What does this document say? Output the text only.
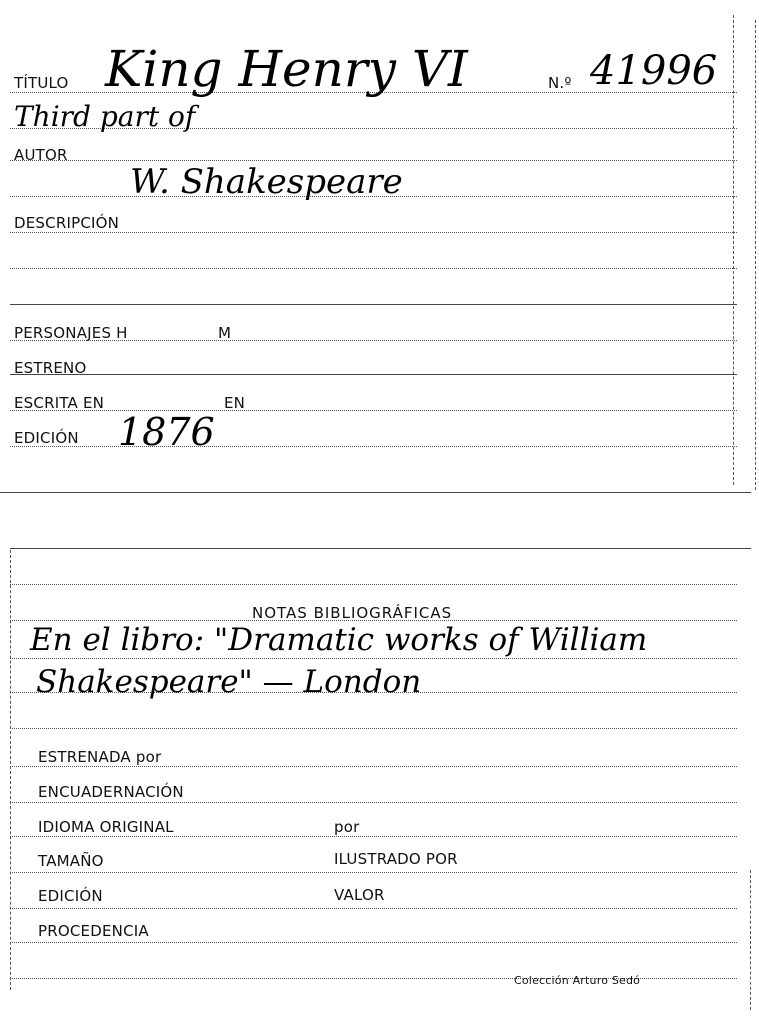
TÍTULO King Henry VI	N.º 41996
Third part of
AUTOR
W. Shakespeare
DESCRIPCIÓN
PERSONAJES H	M
ESTRENO
ESCRITA EN	EN
EDICIÓN 1876
NOTAS BIBLIOGRÁFICAS
En el libro: "Dramatic works of William
Shakespeare" — London
ESTRENADA por
ENCUADERNACIÓN
IDIOMA ORIGINAL	por
TAMAÑO	ILUSTRADO POR
EDICIÓN	VALOR
PROCEDENCIA
Colección Arturo Sedó
